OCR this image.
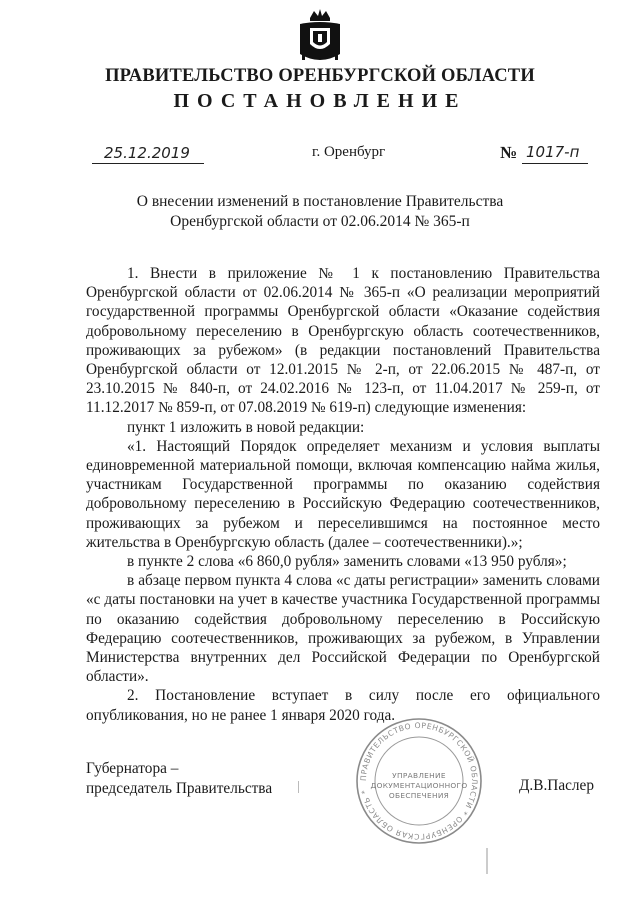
ПРАВИТЕЛЬСТВО ОРЕНБУРГСКОЙ ОБЛАСТИ
ПОСТАНОВЛЕНИЕ
25.12.2019	г. Оренбург	№ 1017-п
О внесении изменений в постановление Правительства
Оренбургской области от 02.06.2014 № 365-п

1. Внести в приложение № 1 к постановлению Правительства Оренбургской области от 02.06.2014 № 365-п «О реализации мероприятий государственной программы Оренбургской области «Оказание содействия добровольному переселению в Оренбургскую область соотечественников, проживающих за рубежом» (в редакции постановлений Правительства Оренбургской области от 12.01.2015 № 2-п, от 22.06.2015 № 487-п, от 23.10.2015 № 840-п, от 24.02.2016 № 123-п, от 11.04.2017 № 259-п, от 11.12.2017 № 859-п, от 07.08.2019 № 619-п) следующие изменения:

пункт 1 изложить в новой редакции:

«1. Настоящий Порядок определяет механизм и условия выплаты единовременной материальной помощи, включая компенсацию найма жилья, участникам Государственной программы по оказанию содействия добровольному переселению в Российскую Федерацию соотечественников, проживающих за рубежом и переселившимся на постоянное место жительства в Оренбургскую область (далее – соотечественники).»;

в пункте 2 слова «6 860,0 рубля» заменить словами «13 950 рубля»;

в абзаце первом пункта 4 слова «с даты регистрации» заменить словами «с даты постановки на учет в качестве участника Государственной программы по оказанию содействия добровольному переселению в Российскую Федерацию соотечественников, проживающих за рубежом, в Управлении Министерства внутренних дел Российской Федерации по Оренбургской области».

2. Постановление вступает в силу после его официального опубликования, но не ранее 1 января 2020 года.

Губернатора –
председатель Правительства	Д.В.Паслер
ПРАВИТЕЛЬСТВО ОРЕНБУРГСКОЙ ОБЛАСТИ * ОРЕНБУРГСКАЯ ОБЛАСТЬ *
УПРАВЛЕНИЕ
ДОКУМЕНТАЦИОННОГО
ОБЕСПЕЧЕНИЯ
